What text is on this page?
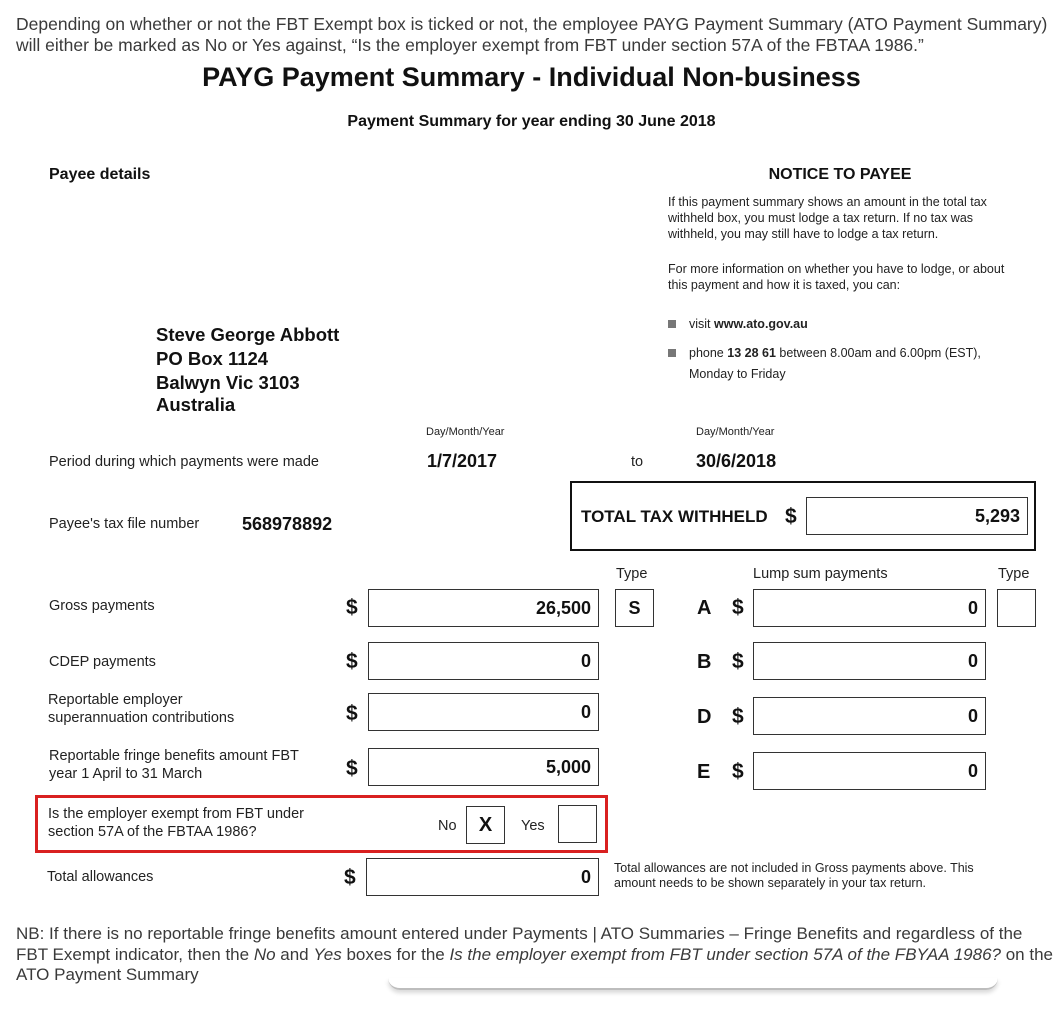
Depending on whether or not the FBT Exempt box is ticked or not, the employee PAYG Payment Summary (ATO Payment Summary) will either be marked as No or Yes against, “Is the employer exempt from FBT under section 57A of the FBTAA 1986.”
PAYG Payment Summary - Individual Non-business
Payment Summary for year ending 30 June 2018
Payee details	NOTICE TO PAYEE
If this payment summary shows an amount in the total tax withheld box, you must lodge a tax return. If no tax was withheld, you may still have to lodge a tax return.
For more information on whether you have to lodge, or about this payment and how it is taxed, you can:
visit www.ato.gov.au
phone 13 28 61 between 8.00am and 6.00pm (EST),
Monday to Friday
Steve George Abbott
PO Box 1124
Balwyn Vic 3103
Australia
Day/Month/Year	Day/Month/Year
Period during which payments were made	1/7/2017	to	30/6/2018
Payee's tax file number 568978892	TOTAL TAX WITHHELD $	5,293
Type	Lump sum payments	Type
Gross payments	$	26,500	S	A $	0
CDEP payments	$	0	B $	0
Reportable employer superannuation contributions	$	0	D $	0
Reportable fringe benefits amount FBT year 1 April to 31 March	$	5,000	E $	0
Is the employer exempt from FBT under section 57A of the FBTAA 1986?	No	X	Yes
Total allowances	$	0	Total allowances are not included in Gross payments above. This amount needs to be shown separately in your tax return.
NB: If there is no reportable fringe benefits amount entered under Payments | ATO Summaries – Fringe Benefits and regardless of the FBT Exempt indicator, then the No and Yes boxes for the Is the employer exempt from FBT under section 57A of the FBYAA 1986? on the ATO Payment Summary
